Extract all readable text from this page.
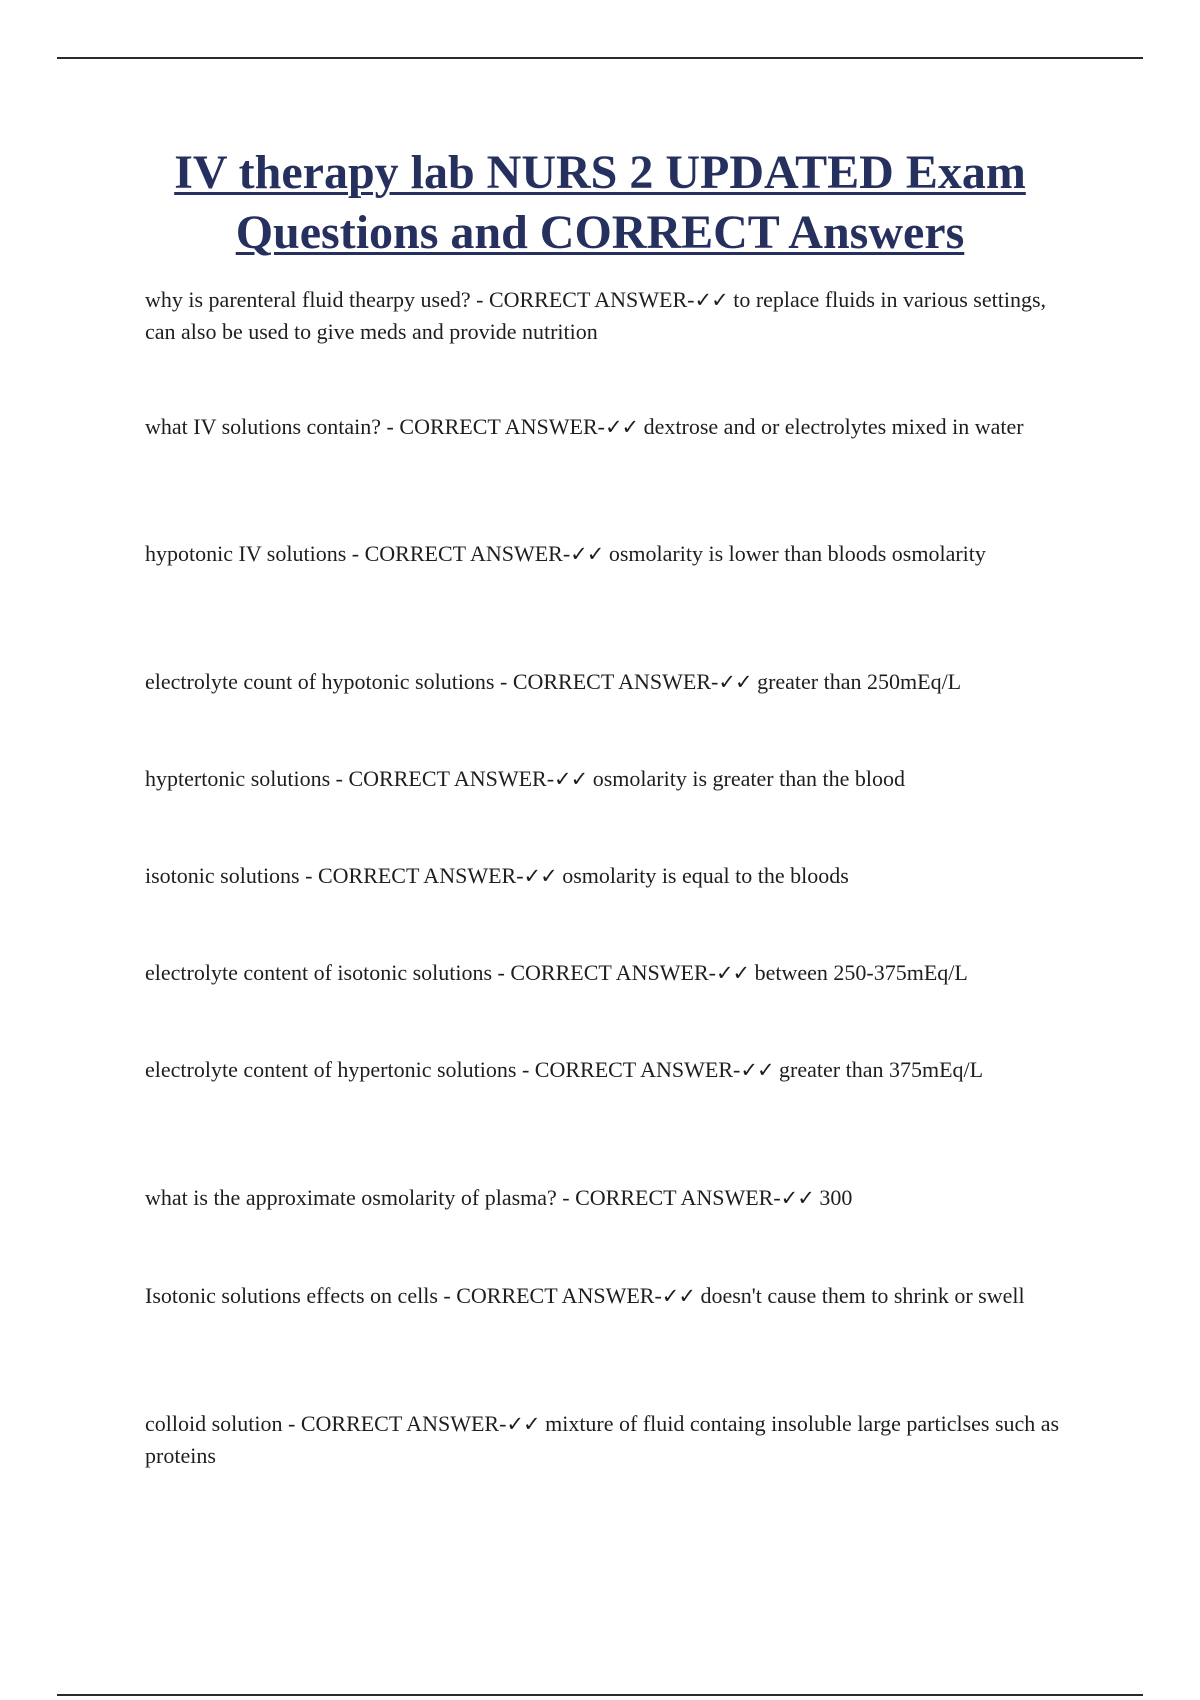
IV therapy lab NURS 2 UPDATED Exam
Questions and CORRECT Answers

why is parenteral fluid thearpy used? - CORRECT ANSWER-✓✓ to replace fluids in various settings, can also be used to give meds and provide nutrition

what IV solutions contain? - CORRECT ANSWER-✓✓ dextrose and or electrolytes mixed in water

hypotonic IV solutions - CORRECT ANSWER-✓✓ osmolarity is lower than bloods osmolarity

electrolyte count of hypotonic solutions - CORRECT ANSWER-✓✓ greater than 250mEq/L

hyptertonic solutions - CORRECT ANSWER-✓✓ osmolarity is greater than the blood

isotonic solutions - CORRECT ANSWER-✓✓ osmolarity is equal to the bloods

electrolyte content of isotonic solutions - CORRECT ANSWER-✓✓ between 250-375mEq/L

electrolyte content of hypertonic solutions - CORRECT ANSWER-✓✓ greater than 375mEq/L

what is the approximate osmolarity of plasma? - CORRECT ANSWER-✓✓ 300

Isotonic solutions effects on cells - CORRECT ANSWER-✓✓ doesn't cause them to shrink or swell

colloid solution - CORRECT ANSWER-✓✓ mixture of fluid containg insoluble large particlses such as proteins
